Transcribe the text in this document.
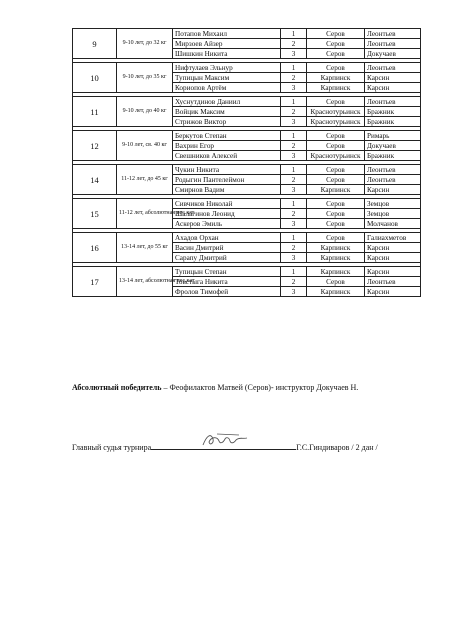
9	9-10 лет, до 32 кг	Потапов Михаил	1	Серов	Леонтьев
		Мирзоев Айзер	2	Серов	Леонтьев
		Шишкин Никита	3	Серов	Докучаев

10	9-10 лет, до 35 кг	Нифтулаев Эльнур	1	Серов	Леонтьев
		Тупицын Максим	2	Карпинск	Карсин
		Кориопов Артём	3	Карпинск	Карсин

11	9-10 лет, до 40 кг	Хуснутдинов Даниил	1	Серов	Леонтьев
		Войцик Максим	2	Краснотурьинск	Бражник
		Стрижов Виктор	3	Краснотурьинск	Бражник

12	9-10 лет, св. 40 кг	Беркутов Степан	1	Серов	Римарь
		Вахрин Егор	2	Серов	Докучаев
		Свешников Алексей	3	Краснотурьинск	Бражник

14	11-12 лет, до 45 кг	Чукин Никита	1	Серов	Леонтьев
		Родыгин Пантелеймон	2	Серов	Леонтьев
		Смирнов Вадим	3	Карпинск	Карсин

15	11-12 лет, абсолютная вес.кат.	Сивчиков Николай	1	Серов	Земцов
		Шалагинов Леонид	2	Серов	Земцов
		Аскеров Эмиль	3	Серов	Молчанов

16	13-14 лет, до 55 кг	Ахадов Орхан	1	Серов	Галиахметов
		Васин Дмитрий	2	Карпинск	Карсин
		Сарапу Дмитрий	3	Карпинск	Карсин

17	13-14 лет, абсолютная вес.кат.	Тупицын Степан	1	Карпинск	Карсин
		Товстыга Никита	2	Серов	Леонтьев
		Фролов Тимофей	3	Карпинск	Карсин
Абсолютный победитель – Феофилактов Матвей (Серов)- инструктор Докучаев Н.
Главный судья турнира	Г.С.Гиндиваров / 2 дан /
